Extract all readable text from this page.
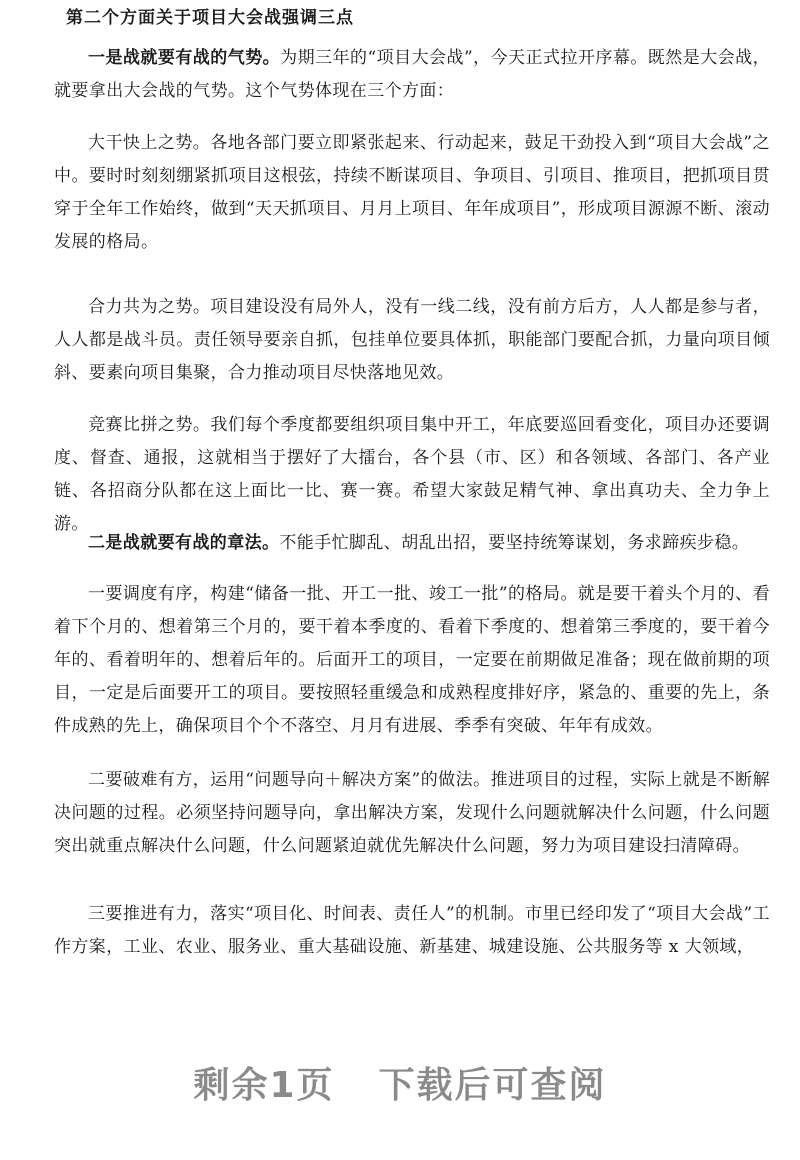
第二个方面关于项目大会战强调三点

一是战就要有战的气势。为期三年的“项目大会战”，今天正式拉开序幕。既然是大会战，就要拿出大会战的气势。这个气势体现在三个方面：

大干快上之势。各地各部门要立即紧张起来、行动起来，鼓足干劲投入到“项目大会战”之中。要时时刻刻绷紧抓项目这根弦，持续不断谋项目、争项目、引项目、推项目，把抓项目贯穿于全年工作始终，做到“天天抓项目、月月上项目、年年成项目”，形成项目源源不断、滚动发展的格局。

合力共为之势。项目建设没有局外人，没有一线二线，没有前方后方，人人都是参与者，人人都是战斗员。责任领导要亲自抓，包挂单位要具体抓，职能部门要配合抓，力量向项目倾斜、要素向项目集聚，合力推动项目尽快落地见效。

竞赛比拼之势。我们每个季度都要组织项目集中开工，年底要巡回看变化，项目办还要调度、督查、通报，这就相当于摆好了大擂台，各个县（市、区）和各领域、各部门、各产业链、各招商分队都在这上面比一比、赛一赛。希望大家鼓足精气神、拿出真功夫、全力争上游。

二是战就要有战的章法。不能手忙脚乱、胡乱出招，要坚持统筹谋划，务求蹄疾步稳。

一要调度有序，构建“储备一批、开工一批、竣工一批”的格局。就是要干着头个月的、看着下个月的、想着第三个月的，要干着本季度的、看着下季度的、想着第三季度的，要干着今年的、看着明年的、想着后年的。后面开工的项目，一定要在前期做足准备；现在做前期的项目，一定是后面要开工的项目。要按照轻重缓急和成熟程度排好序，紧急的、重要的先上，条件成熟的先上，确保项目个个不落空、月月有进展、季季有突破、年年有成效。

二要破难有方，运用“问题导向＋解决方案”的做法。推进项目的过程，实际上就是不断解决问题的过程。必须坚持问题导向，拿出解决方案，发现什么问题就解决什么问题，什么问题突出就重点解决什么问题，什么问题紧迫就优先解决什么问题，努力为项目建设扫清障碍。

三要推进有力，落实“项目化、时间表、责任人”的机制。市里已经印发了“项目大会战”工作方案，工业、农业、服务业、重大基础设施、新基建、城建设施、公共服务等 x 大领域，

剩余1页 下载后可查阅
